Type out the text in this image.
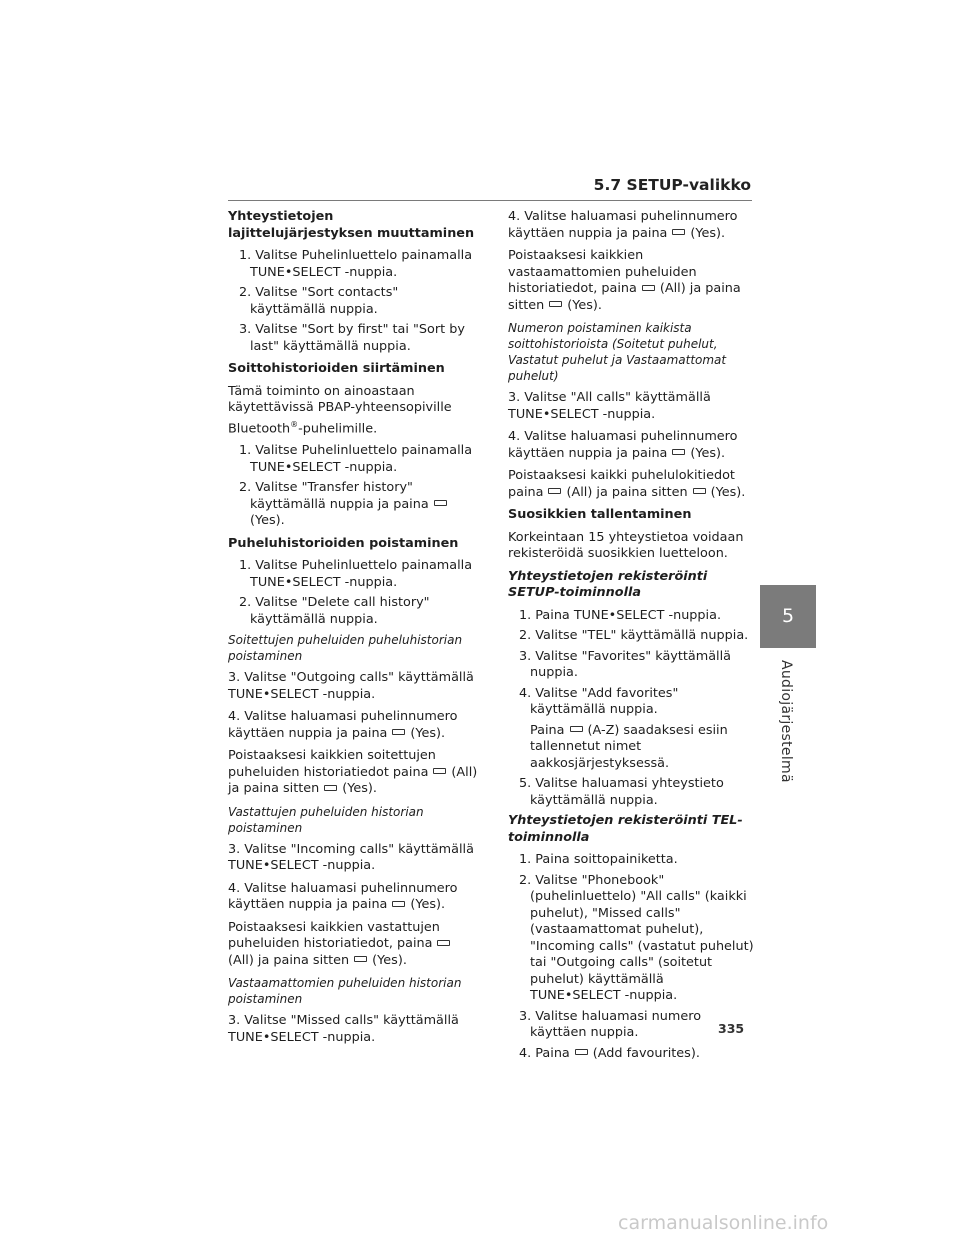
5.7 SETUP-valikko
Yhteystietojen lajittelujärjestyksen muuttaminen
1. Valitse Puhelinluettelo painamalla TUNE•SELECT -nuppia.
2. Valitse "Sort contacts" käyttämällä nuppia.
3. Valitse "Sort by first" tai "Sort by last" käyttämällä nuppia.
Soittohistorioiden siirtäminen
Tämä toiminto on ainoastaan käytettävissä PBAP-yhteensopiville Bluetooth®-puhelimille.
1. Valitse Puhelinluettelo painamalla TUNE•SELECT -nuppia.
2. Valitse "Transfer history" käyttämällä nuppia ja paina(Yes).
Puheluhistorioiden poistaminen
1. Valitse Puhelinluettelo painamalla TUNE•SELECT -nuppia.
2. Valitse "Delete call history" käyttämällä nuppia.
Soitettujen puheluiden puheluhistorian poistaminen
3. Valitse "Outgoing calls" käyttämällä TUNE•SELECT -nuppia.
4. Valitse haluamasi puhelinnumero käyttäen nuppia ja paina (Yes).
Poistaaksesi kaikkien soitettujen puheluiden historiatiedot paina (All) ja paina sitten (Yes).
Vastattujen puheluiden historian poistaminen
3. Valitse "Incoming calls" käyttämällä TUNE•SELECT -nuppia.
4. Valitse haluamasi puhelinnumero käyttäen nuppia ja paina (Yes).
Poistaaksesi kaikkien vastattujen puheluiden historiatiedot, paina(All) ja paina sitten (Yes).
Vastaamattomien puheluiden historian poistaminen
3. Valitse "Missed calls" käyttämällä TUNE•SELECT -nuppia.
4. Valitse haluamasi puhelinnumero käyttäen nuppia ja paina (Yes).
Poistaaksesi kaikkien vastaamattomien puheluiden historiatiedot, paina (All) ja paina sitten (Yes).
Numeron poistaminen kaikista soittohistorioista (Soitetut puhelut, Vastatut puhelut ja Vastaamattomat puhelut)
3. Valitse "All calls" käyttämällä TUNE•SELECT -nuppia.
4. Valitse haluamasi puhelinnumero käyttäen nuppia ja paina (Yes).
Poistaaksesi kaikki puhelulokitiedot paina (All) ja paina sitten (Yes).
Suosikkien tallentaminen
Korkeintaan 15 yhteystietoa voidaan rekisteröidä suosikkien luetteloon.
Yhteystietojen rekisteröinti SETUP-toiminnolla
1. Paina TUNE•SELECT -nuppia.
2. Valitse "TEL" käyttämällä nuppia.
3. Valitse "Favorites" käyttämällä nuppia.
4. Valitse "Add favorites" käyttämällä nuppia.
Paina (A-Z) saadaksesi esiin tallennetut nimet aakkosjärjestyksessä.
5. Valitse haluamasi yhteystieto käyttämällä nuppia.
Yhteystietojen rekisteröinti TEL-toiminnolla
1. Paina soittopainiketta.
2. Valitse "Phonebook" (puhelinluettelo) "All calls" (kaikki puhelut), "Missed calls" (vastaamattomat puhelut), "Incoming calls" (vastatut puhelut) tai "Outgoing calls" (soitetut puhelut) käyttämällä TUNE•SELECT -nuppia.
3. Valitse haluamasi numero käyttäen nuppia.
4. Paina (Add favourites).
5
Audiojärjestelmä
335
carmanualsonline.info
